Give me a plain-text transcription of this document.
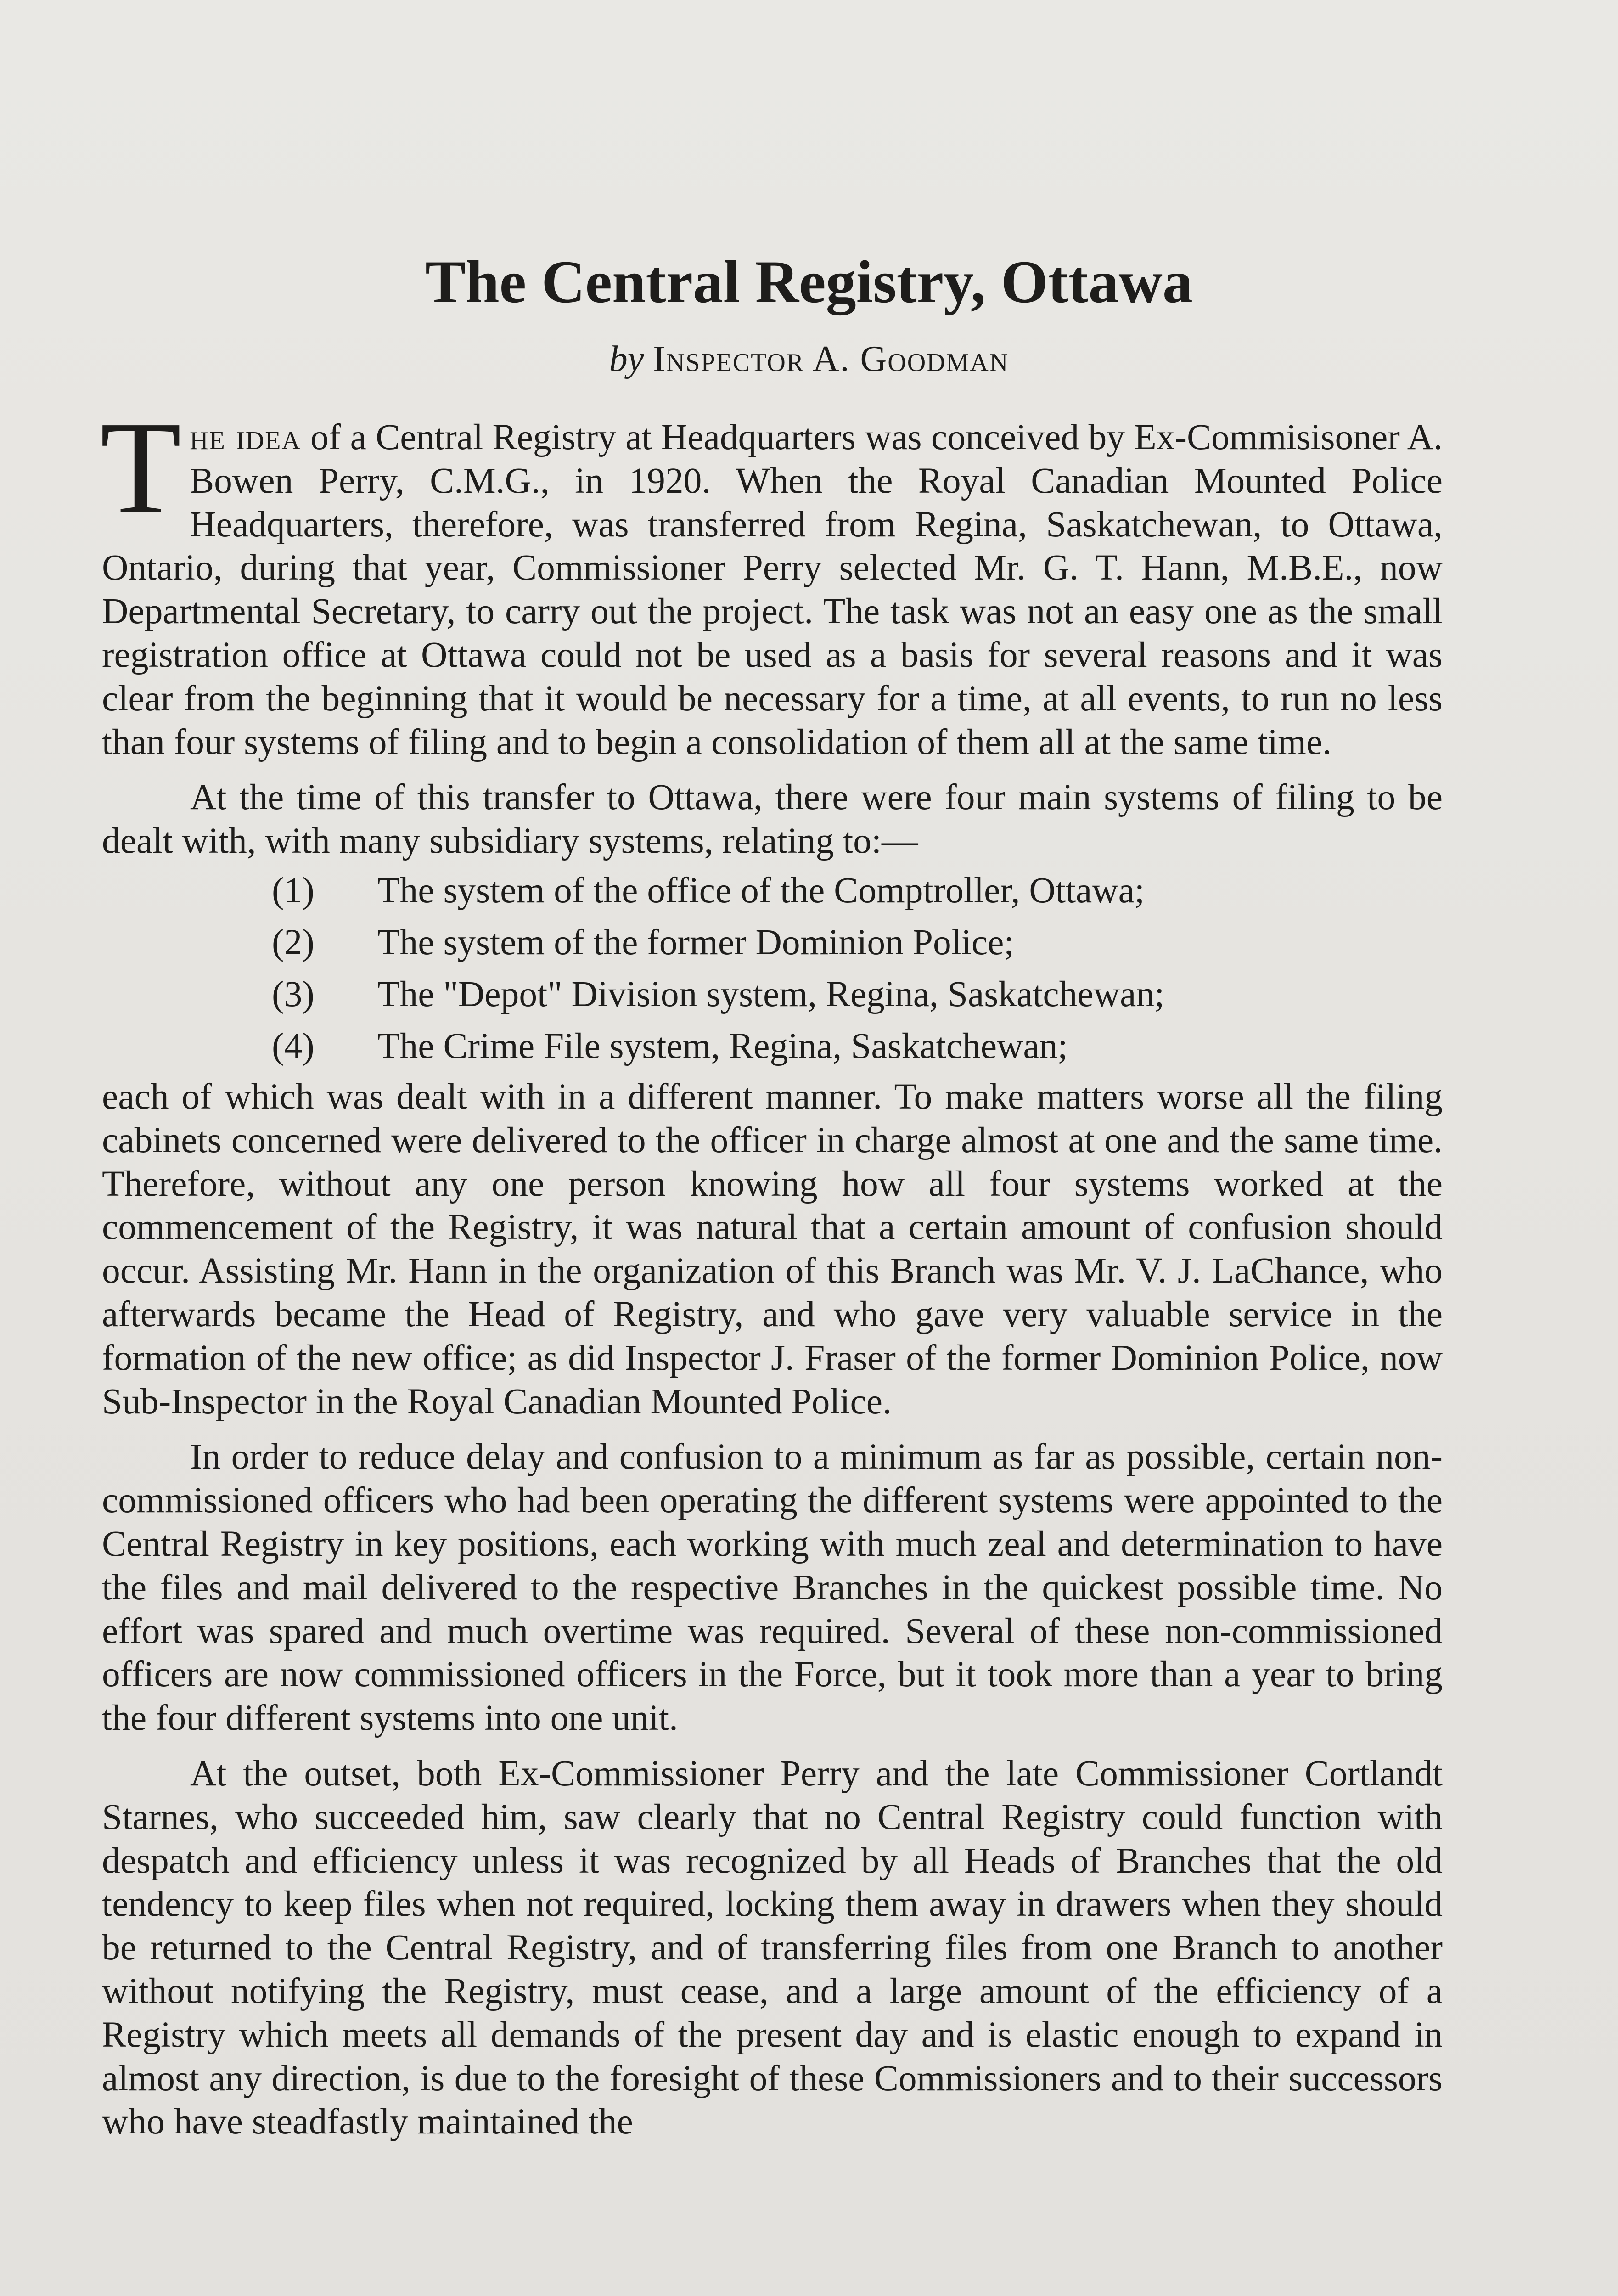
The Central Registry, Ottawa
by Inspector A. Goodman

The idea of a Central Registry at Headquarters was conceived by Ex-Commisisoner A. Bowen Perry, C.M.G., in 1920. When the Royal Canadian Mounted Police Headquarters, therefore, was transferred from Regina, Saskatchewan, to Ottawa, Ontario, during that year, Commissioner Perry selected Mr. G. T. Hann, M.B.E., now Departmental Secretary, to carry out the project. The task was not an easy one as the small registration office at Ottawa could not be used as a basis for several reasons and it was clear from the beginning that it would be necessary for a time, at all events, to run no less than four systems of filing and to begin a consolidation of them all at the same time.

At the time of this transfer to Ottawa, there were four main systems of filing to be dealt with, with many subsidiary systems, relating to:—

(1)	The system of the office of the Comptroller, Ottawa;
(2)	The system of the former Dominion Police;
(3)	The "Depot" Division system, Regina, Saskatchewan;
(4)	The Crime File system, Regina, Saskatchewan;

each of which was dealt with in a different manner. To make matters worse all the filing cabinets concerned were delivered to the officer in charge almost at one and the same time. Therefore, without any one person knowing how all four systems worked at the commencement of the Registry, it was natural that a certain amount of confusion should occur. Assisting Mr. Hann in the organization of this Branch was Mr. V. J. LaChance, who afterwards became the Head of Registry, and who gave very valuable service in the formation of the new office; as did Inspector J. Fraser of the former Dominion Police, now Sub-Inspector in the Royal Canadian Mounted Police.

In order to reduce delay and confusion to a minimum as far as possible, certain non-commissioned officers who had been operating the different systems were appointed to the Central Registry in key positions, each working with much zeal and determination to have the files and mail delivered to the respective Branches in the quickest possible time. No effort was spared and much overtime was required. Several of these non-commissioned officers are now commissioned officers in the Force, but it took more than a year to bring the four different systems into one unit.

At the outset, both Ex-Commissioner Perry and the late Commissioner Cortlandt Starnes, who succeeded him, saw clearly that no Central Registry could function with despatch and efficiency unless it was recognized by all Heads of Branches that the old tendency to keep files when not required, locking them away in drawers when they should be returned to the Central Registry, and of transferring files from one Branch to another without notifying the Registry, must cease, and a large amount of the efficiency of a Registry which meets all demands of the present day and is elastic enough to expand in almost any direction, is due to the foresight of these Commissioners and to their successors who have steadfastly maintained the
